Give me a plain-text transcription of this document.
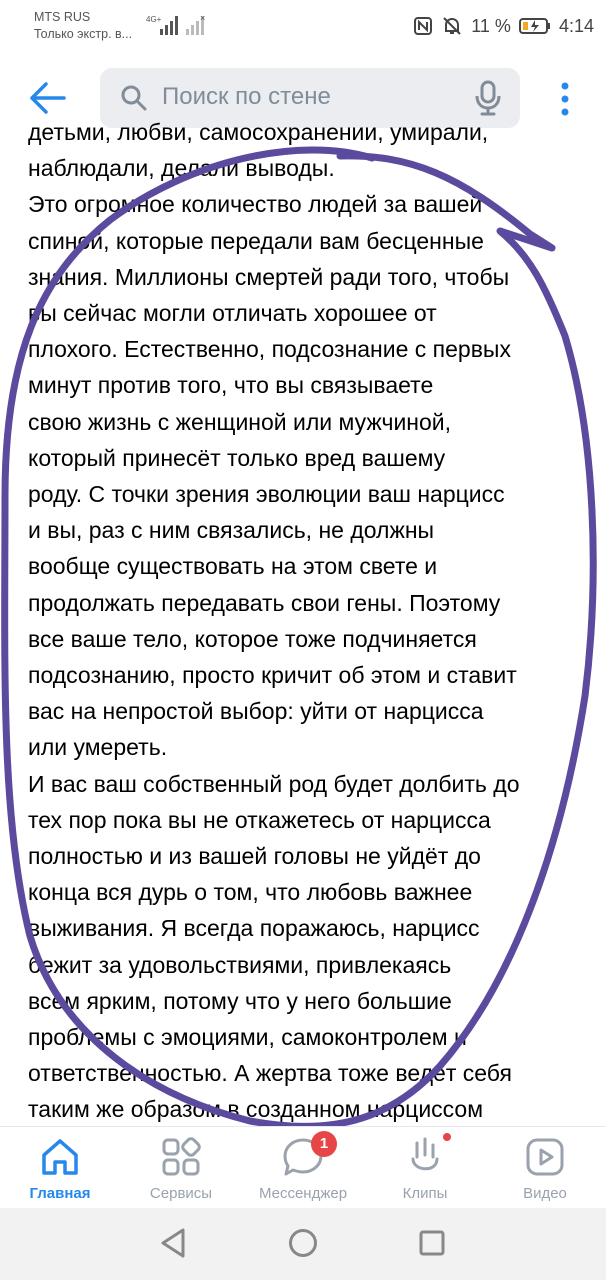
MTS RUS
Только экстр. в...
4G+	×	11 %	4:14
Поиск по стене
детьми, любви, самосохранении, умирали,
наблюдали, делали выводы.
Это огромное количество людей за вашей
спиной, которые передали вам бесценные
знания. Миллионы смертей ради того, чтобы
вы сейчас могли отличать хорошее от
плохого. Естественно, подсознание с первых
минут против того, что вы связываете
свою жизнь с женщиной или мужчиной,
который принесёт только вред вашему
роду. С точки зрения эволюции ваш нарцисс
и вы, раз с ним связались, не должны
вообще существовать на этом свете и
продолжать передавать свои гены. Поэтому
все ваше тело, которое тоже подчиняется
подсознанию, просто кричит об этом и ставит
вас на непростой выбор: уйти от нарцисса
или умереть.
И вас ваш собственный род будет долбить до
тех пор пока вы не откажетесь от нарцисса
полностью и из вашей головы не уйдёт до
конца вся дурь о том, что любовь важнее
выживания. Я всегда поражаюсь, нарцисс
бежит за удовольствиями, привлекаясь
всем ярким, потому что у него большие
проблемы с эмоциями, самоконтролем и
ответственностью. А жертва тоже ведёт себя
таким же образом в созданном нарциссом
Главная	Сервисы
1
Мессенджер	Клипы	Видео
